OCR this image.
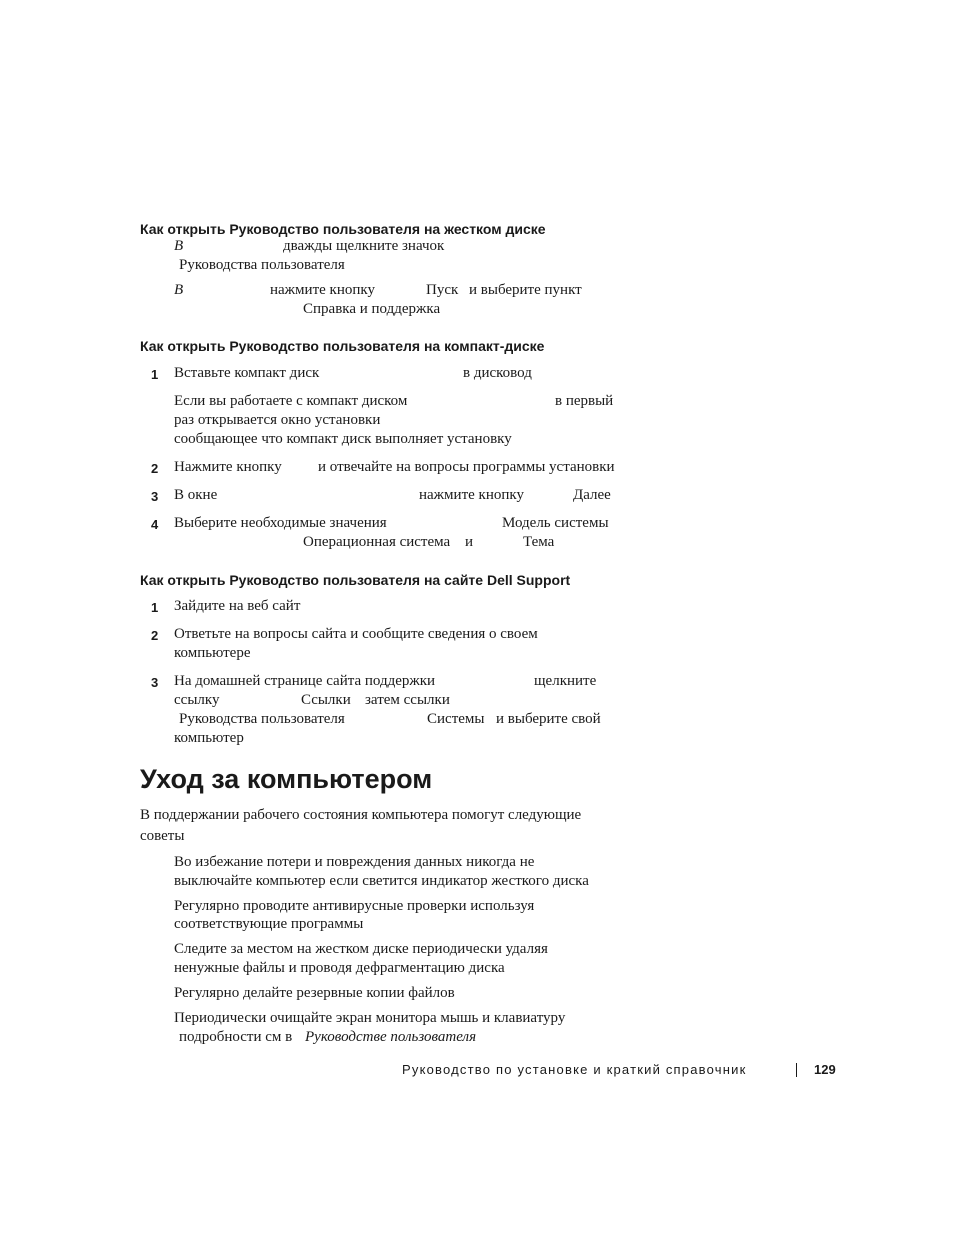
Как открыть Руководство пользователя на жестком диске
В	дважды щелкните значок
Руководства пользователя
В	нажмите кнопку	Пуск и выберите пункт
Справка и поддержка
Как открыть Руководство пользователя на компакт-диске
1 Вставьте компакт диск	в дисковод
Если вы работаете с компакт диском	в первый
раз открывается окно установки
сообщающее что компакт диск выполняет установку
2 Нажмите кнопку и отвечайте на вопросы программы установки
3 В окне	нажмите кнопку	Далее
4 Выберите необходимые значения	Модель системы
Операционная система и	Тема
Как открыть Руководство пользователя на сайте Dell Support
1 Зайдите на веб сайт
2 Ответьте на вопросы сайта и сообщите сведения о своем
компьютере
3 На домашней странице сайта поддержки	щелкните
ссылку	Ссылки затем ссылки
Руководства пользователя	Системы и выберите свой
компьютер
Уход за компьютером
В поддержании рабочего состояния компьютера помогут следующие
советы
Во избежание потери и повреждения данных никогда не
выключайте компьютер если светится индикатор жесткого диска
Регулярно проводите антивирусные проверки используя
соответствующие программы
Следите за местом на жестком диске периодически удаляя
ненужные файлы и проводя дефрагментацию диска
Регулярно делайте резервные копии файлов
Периодически очищайте экран монитора мышь и клавиатуру
подробности см в Руководстве пользователя
Руководство по установке и краткий справочник	129
